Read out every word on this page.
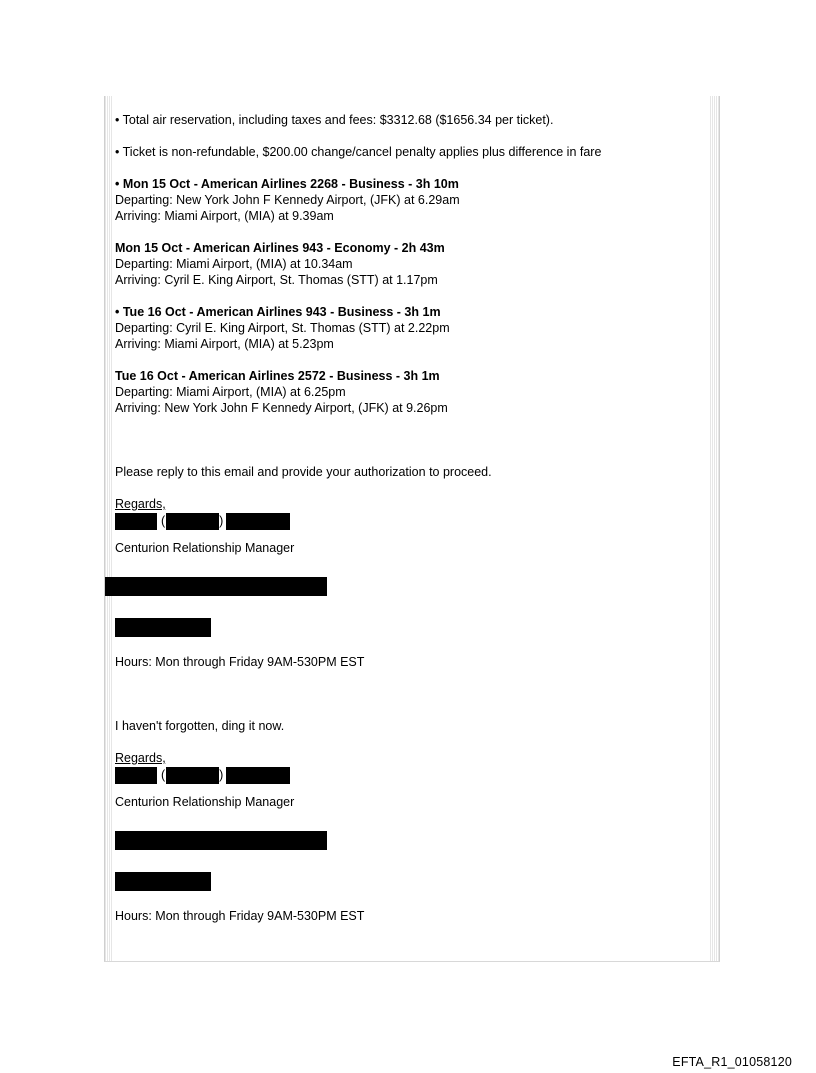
• Total air reservation, including taxes and fees: $3312.68 ($1656.34 per ticket).

• Ticket is non-refundable, $200.00 change/cancel penalty applies plus difference in fare

• Mon 15 Oct - American Airlines 2268 - Business - 3h 10m

Departing: New York John F Kennedy Airport, (JFK) at 6.29am

Arriving: Miami Airport, (MIA) at 9.39am

Mon 15 Oct - American Airlines 943 - Economy - 2h 43m

Departing: Miami Airport, (MIA) at 10.34am

Arriving: Cyril E. King Airport, St. Thomas (STT) at 1.17pm

• Tue 16 Oct - American Airlines 943 - Business - 3h 1m

Departing: Cyril E. King Airport, St. Thomas (STT) at 2.22pm

Arriving: Miami Airport, (MIA) at 5.23pm

Tue 16 Oct - American Airlines 2572 - Business - 3h 1m

Departing: Miami Airport, (MIA) at 6.25pm

Arriving: New York John F Kennedy Airport, (JFK) at 9.26pm

Please reply to this email and provide your authorization to proceed.

Regards,

(	)

Centurion Relationship Manager

Hours: Mon through Friday 9AM-530PM EST

I haven't forgotten, ding it now.

Regards,

(	)

Centurion Relationship Manager

Hours: Mon through Friday 9AM-530PM EST

EFTA_R1_01058120
